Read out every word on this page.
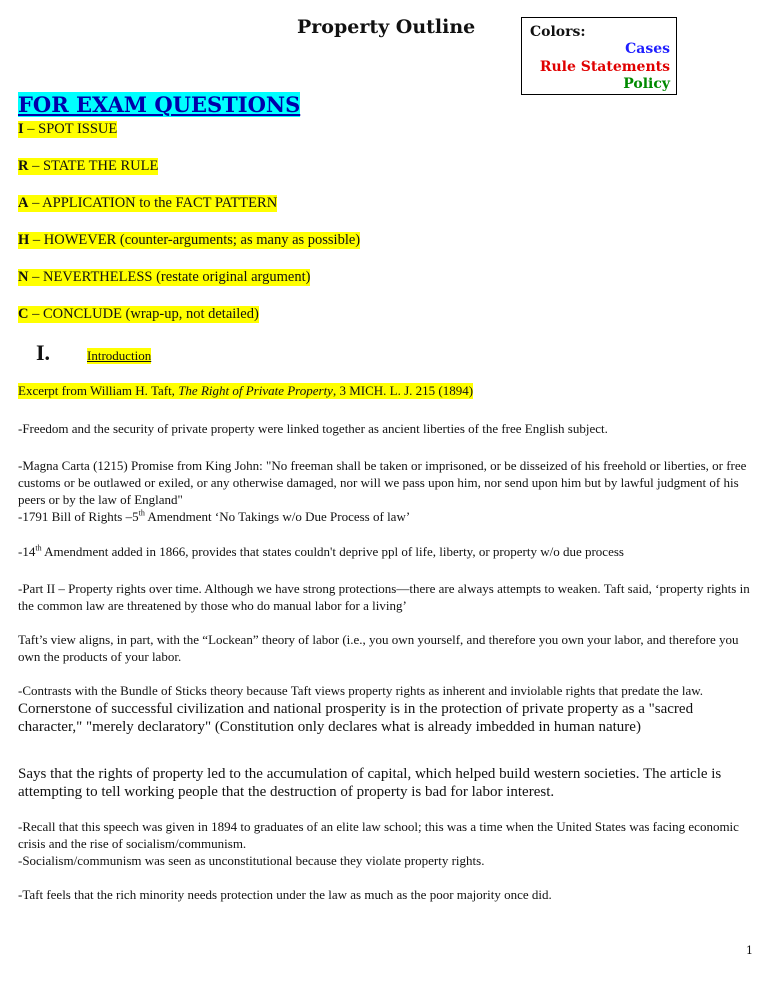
Property Outline	Colors:
Cases
Rule Statements
Policy
FOR EXAM QUESTIONS
I – SPOT ISSUE
R – STATE THE RULE
A – APPLICATION to the FACT PATTERN
H – HOWEVER (counter-arguments; as many as possible)
N – NEVERTHELESS (restate original argument)
C – CONCLUDE (wrap-up, not detailed)
I.	Introduction
Excerpt from William H. Taft, The Right of Private Property, 3 MICH. L. J. 215 (1894)
-Freedom and the security of private property were linked together as ancient liberties of the free English subject.
-Magna Carta (1215) Promise from King John: "No freeman shall be taken or imprisoned, or be disseized of his freehold or liberties, or free customs or be outlawed or exiled, or any otherwise damaged, nor will we pass upon him, nor send upon him but by lawful judgment of his peers or by the law of England"
-1791 Bill of Rights –5th Amendment ‘No Takings w/o Due Process of law’
-14th Amendment added in 1866, provides that states couldn't deprive ppl of life, liberty, or property w/o due process
-Part II – Property rights over time. Although we have strong protections—there are always attempts to weaken. Taft said, ‘property rights in the common law are threatened by those who do manual labor for a living’
Taft’s view aligns, in part, with the “Lockean” theory of labor (i.e., you own yourself, and therefore you own your labor, and therefore you own the products of your labor.
-Contrasts with the Bundle of Sticks theory because Taft views property rights as inherent and inviolable rights that predate the law. Cornerstone of successful civilization and national prosperity is in the protection of private property as a "sacred character," "merely declaratory" (Constitution only declares what is already imbedded in human nature)
Says that the rights of property led to the accumulation of capital, which helped build western societies. The article is attempting to tell working people that the destruction of property is bad for labor interest.
-Recall that this speech was given in 1894 to graduates of an elite law school; this was a time when the United States was facing economic crisis and the rise of socialism/communism.
-Socialism/communism was seen as unconstitutional because they violate property rights.
-Taft feels that the rich minority needs protection under the law as much as the poor majority once did.
1
